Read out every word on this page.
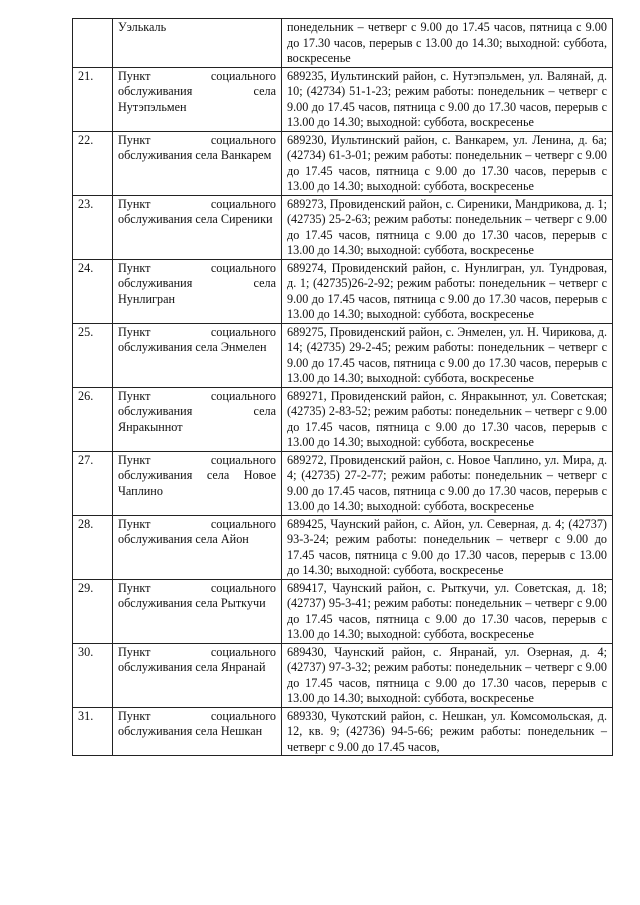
	Уэлькаль	понедельник – четверг с 9.00 до 17.45 часов, пятница с 9.00 до 17.30 часов, перерыв с 13.00 до 14.30; выходной: суббота, воскресенье
21.	Пункт социального обслуживания села Нутэпэльмен	689235, Иультинский район, с. Нутэпэльмен, ул. Валянай, д. 10; (42734) 51-1-23; режим работы: понедельник – четверг с 9.00 до 17.45 часов, пятница с 9.00 до 17.30 часов, перерыв с 13.00 до 14.30; выходной: суббота, воскресенье
22.	Пункт социального обслуживания села Ванкарем	689230, Иультинский район, с. Ванкарем, ул. Ленина, д. 6а; (42734) 61-3-01; режим работы: понедельник – четверг с 9.00 до 17.45 часов, пятница с 9.00 до 17.30 часов, перерыв с 13.00 до 14.30; выходной: суббота, воскресенье
23.	Пункт социального обслуживания села Сиреники	689273, Провиденский район, с. Сиреники, Мандрикова, д. 1; (42735) 25-2-63; режим работы: понедельник – четверг с 9.00 до 17.45 часов, пятница с 9.00 до 17.30 часов, перерыв с 13.00 до 14.30; выходной: суббота, воскресенье
24.	Пункт социального обслуживания села Нунлигран	689274, Провиденский район, с. Нунлигран, ул. Тундровая, д. 1; (42735)26-2-92; режим работы: понедельник – четверг с 9.00 до 17.45 часов, пятница с 9.00 до 17.30 часов, перерыв с 13.00 до 14.30; выходной: суббота, воскресенье
25.	Пункт социального обслуживания села Энмелен	689275, Провиденский район, с. Энмелен, ул. Н. Чирикова, д. 14; (42735) 29-2-45; режим работы: понедельник – четверг с 9.00 до 17.45 часов, пятница с 9.00 до 17.30 часов, перерыв с 13.00 до 14.30; выходной: суббота, воскресенье
26.	Пункт социального обслуживания села Янракыннот	689271, Провиденский район, с. Янракыннот, ул. Советская; (42735) 2-83-52; режим работы: понедельник – четверг с 9.00 до 17.45 часов, пятница с 9.00 до 17.30 часов, перерыв с 13.00 до 14.30; выходной: суббота, воскресенье
27.	Пункт социального обслуживания села Новое Чаплино	689272, Провиденский район, с. Новое Чаплино, ул. Мира, д. 4; (42735) 27-2-77; режим работы: понедельник – четверг с 9.00 до 17.45 часов, пятница с 9.00 до 17.30 часов, перерыв с 13.00 до 14.30; выходной: суббота, воскресенье
28.	Пункт социального обслуживания села Айон	689425, Чаунский район, с. Айон, ул. Северная, д. 4; (42737) 93-3-24; режим работы: понедельник – четверг с 9.00 до 17.45 часов, пятница с 9.00 до 17.30 часов, перерыв с 13.00 до 14.30; выходной: суббота, воскресенье
29.	Пункт социального обслуживания села Рыткучи	689417, Чаунский район, с. Рыткучи, ул. Советская, д. 18; (42737) 95-3-41; режим работы: понедельник – четверг с 9.00 до 17.45 часов, пятница с 9.00 до 17.30 часов, перерыв с 13.00 до 14.30; выходной: суббота, воскресенье
30.	Пункт социального обслуживания села Янранай	689430, Чаунский район, с. Янранай, ул. Озерная, д. 4; (42737) 97-3-32; режим работы: понедельник – четверг с 9.00 до 17.45 часов, пятница с 9.00 до 17.30 часов, перерыв с 13.00 до 14.30; выходной: суббота, воскресенье
31.	Пункт социального обслуживания села Нешкан	689330, Чукотский район, с. Нешкан, ул. Комсомольская, д. 12, кв. 9; (42736) 94-5-66; режим работы: понедельник – четверг с 9.00 до 17.45 часов,
